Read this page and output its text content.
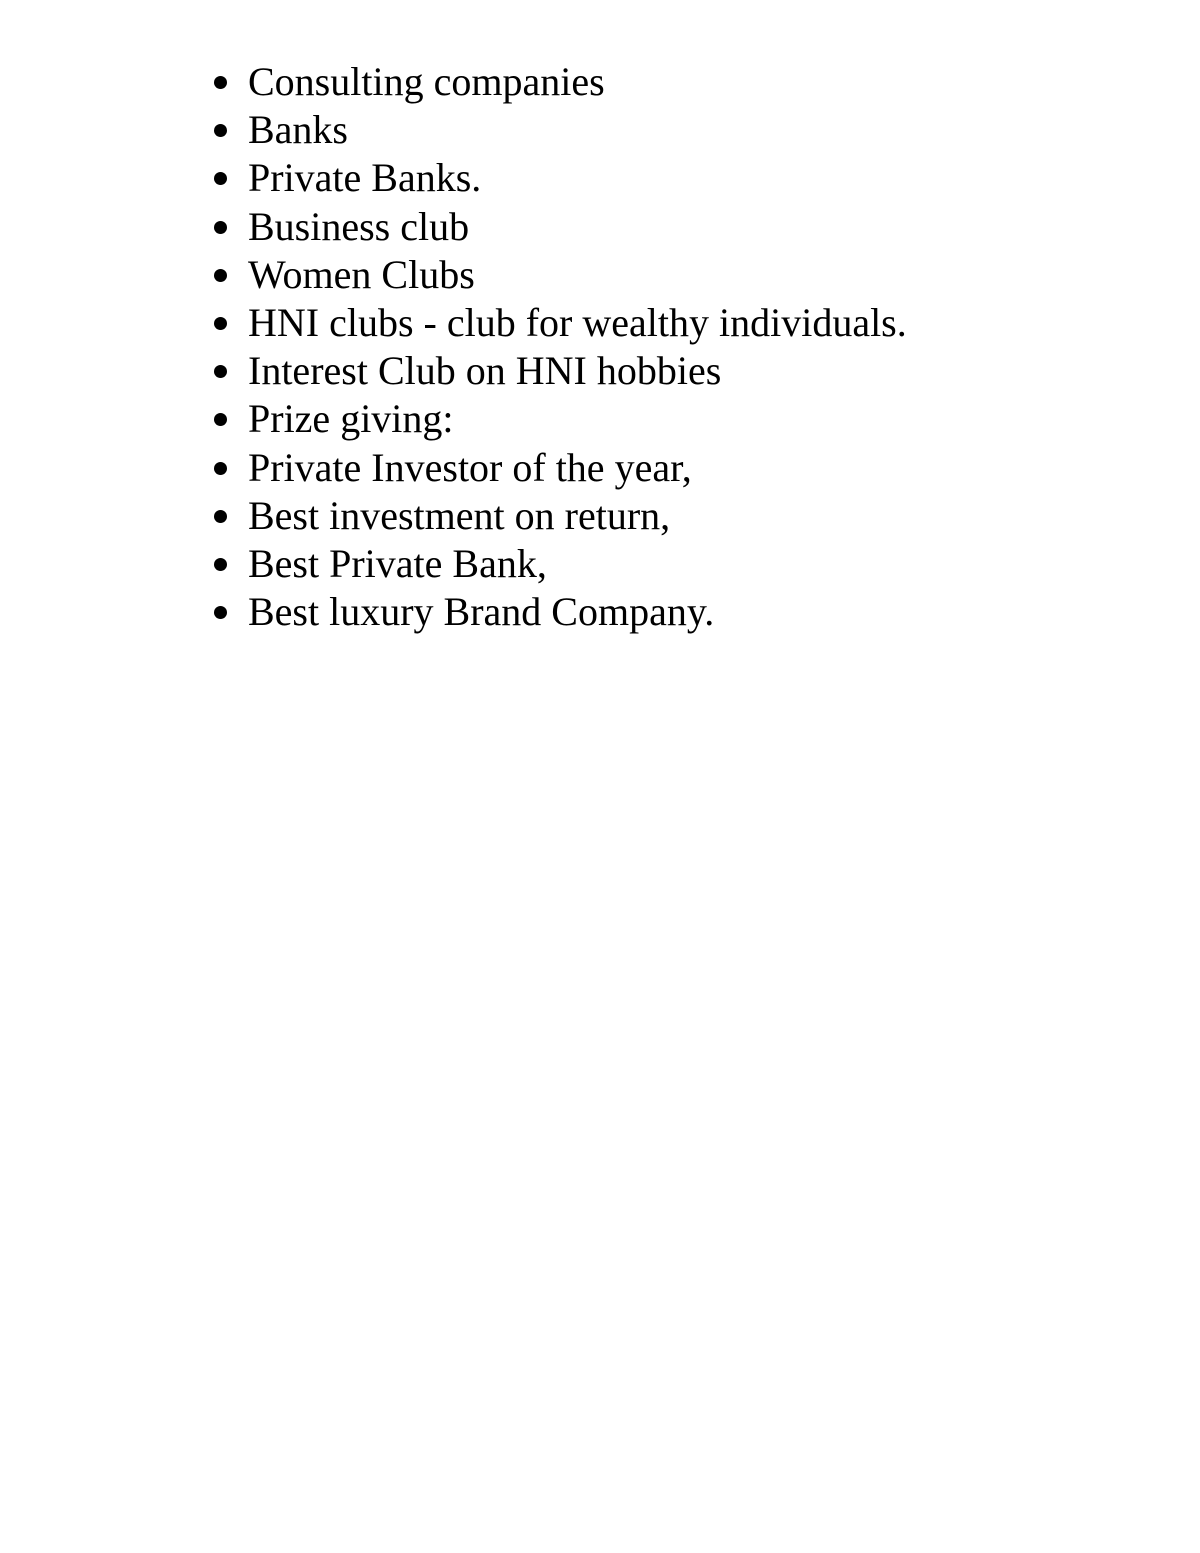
Consulting companies
Banks
Private Banks.
Business club
Women Clubs
HNI clubs - club for wealthy individuals.
Interest Club on HNI hobbies
Prize giving:
Private Investor of the year,
Best investment on return,
Best Private Bank,
Best luxury Brand Company.
